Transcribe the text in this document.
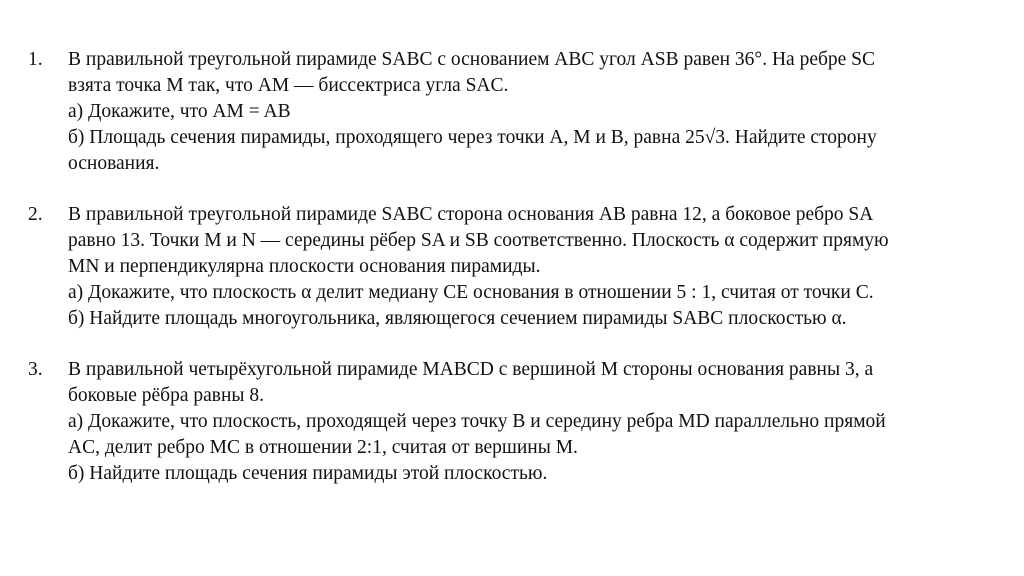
1.	В правильной треугольной пирамиде SABC с основанием ABC угол ASB равен 36°. На ребре SC
взята точка M так, что AM — биссектриса угла SAC.
а) Докажите, что AM = AB
б) Площадь сечения пирамиды, проходящего через точки A, M и B, равна 25√3. Найдите сторону
основания.
2.	В правильной треугольной пирамиде SABC сторона основания AB равна 12, а боковое ребро SA
равно 13. Точки M и N — середины рёбер SA и SB соответственно. Плоскость α содержит прямую
MN и перпендикулярна плоскости основания пирамиды.
а) Докажите, что плоскость α делит медиану CE основания в отношении 5 : 1, считая от точки C.
б) Найдите площадь многоугольника, являющегося сечением пирамиды SABC плоскостью α.
3.	В правильной четырёхугольной пирамиде MABCD с вершиной M стороны основания равны 3, а
боковые рёбра равны 8.
а) Докажите, что плоскость, проходящей через точку B и середину ребра MD параллельно прямой
AC, делит ребро MC в отношении 2:1, считая от вершины M.
б) Найдите площадь сечения пирамиды этой плоскостью.
